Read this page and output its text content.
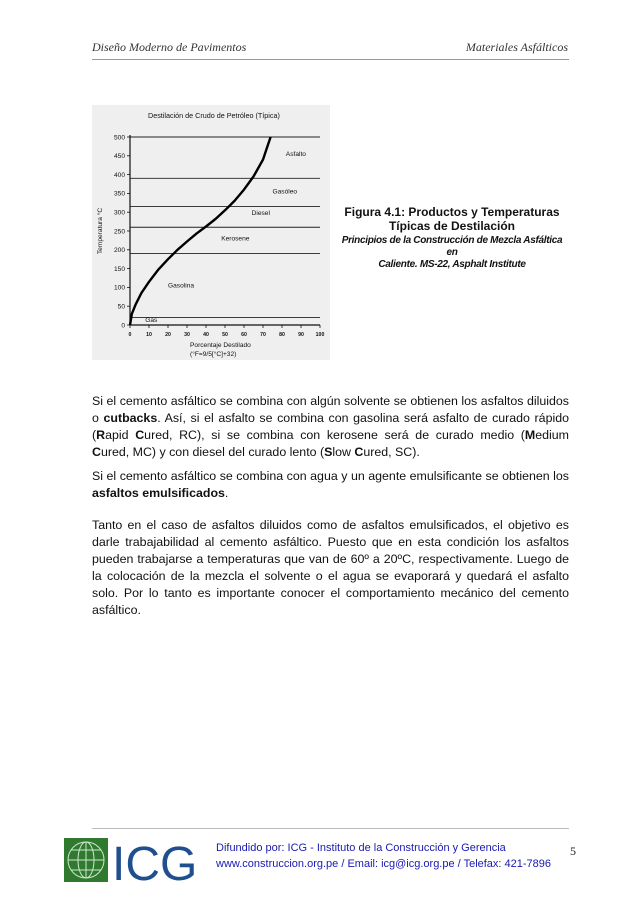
Diseño Moderno de Pavimentos	Materiales Asfálticos
Destilación de Crudo de Petróleo (Típica)
Gas
Gasolina
Kerosene
Diesel
Gasóleo
Asfalto
0
50
100
150
200
250
300
350
400
450
500
0	10	20	30	40	50	60	70	80	90 100
Temperatura °C
Porcentaje Destilado
(°F=9/5[°C]+32)
Figura 4.1: Productos y Temperaturas
Típicas de Destilación
Principios de la Construcción de Mezcla Asfáltica en
Caliente. MS-22, Asphalt Institute

Si el cemento asfáltico se combina con algún solvente se obtienen los asfaltos diluidos o cutbacks. Así, si el asfalto se combina con gasolina será asfalto de curado rápido (Rapid Cured, RC), si se combina con kerosene será de curado medio (Medium Cured, MC) y con diesel del curado lento (Slow Cured, SC).

Si el cemento asfáltico se combina con agua y un agente emulsificante se obtienen los asfaltos emulsificados.

Tanto en el caso de asfaltos diluidos como de asfaltos emulsificados, el objetivo es darle trabajabilidad al cemento asfáltico. Puesto que en esta condición los asfaltos pueden trabajarse a temperaturas que van de 60º a 20ºC, respectivamente. Luego de la colocación de la mezcla el solvente o el agua se evaporará y quedará el asfalto solo. Por lo tanto es importante conocer el comportamiento mecánico del cemento asfáltico.

ICG Difundido por: ICG - Instituto de la Construcción y Gerencia
www.construccion.org.pe / Email: icg@icg.org.pe / Telefax: 421-7896
5
